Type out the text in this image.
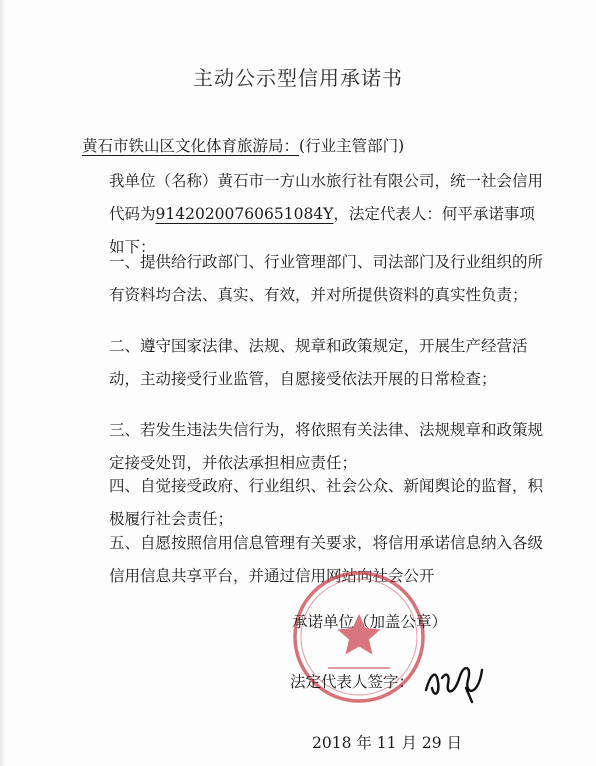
主动公示型信用承诺书

黄石市铁山区文化体育旅游局：(行业主管部门)

我单位（名称）黄石市一方山水旅行社有限公司，统一社会信用代码为91420200760651084Y，法定代表人：何平承诺事项如下：

一、提供给行政部门、行业管理部门、司法部门及行业组织的所有资料均合法、真实、有效，并对所提供资料的真实性负责；

二、遵守国家法律、法规、规章和政策规定，开展生产经营活动，主动接受行业监管，自愿接受依法开展的日常检查；

三、若发生违法失信行为，将依照有关法律、法规规章和政策规定接受处罚，并依法承担相应责任；

四、自觉接受政府、行业组织、社会公众、新闻舆论的监督，积极履行社会责任；

五、自愿按照信用信息管理有关要求，将信用承诺信息纳入各级信用信息共享平台，并通过信用网站向社会公开

承诺单位（加盖公章）
法定代表人签字：
2018 年 11 月 29 日
